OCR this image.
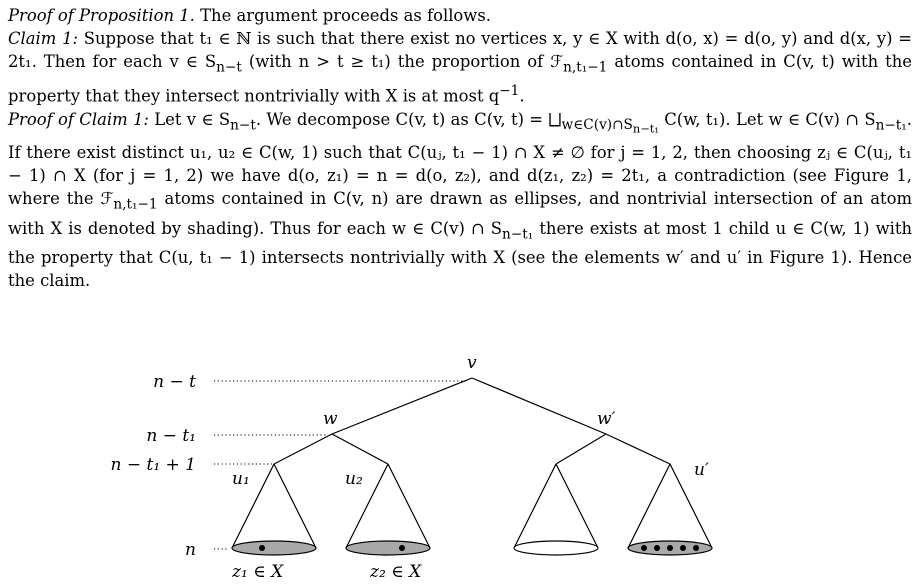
Proof of Proposition 1. The argument proceeds as follows.

Claim 1: Suppose that t₁ ∈ ℕ is such that there exist no vertices x, y ∈ X with d(o, x) = d(o, y) and d(x, y) = 2t₁. Then for each v ∈ $S_{n-t}$ (with n > t ≥ t₁) the proportion of ℱ$_{n,t_1-1}$ atoms contained in C(v, t) with the property that they intersect nontrivially with X is at most $q^{-1}$.

Proof of Claim 1: Let v ∈ $S_{n-t}$. We decompose C(v, t) as C(v, $t) = ⨆_{w\in C(v)\cap S_{n-t_1}}$ C(w, t₁). Let w ∈ C(v) ∩ $S_{n-t_1}$. If there exist distinct u₁, u₂ ∈ C(w, 1) such that C(uⱼ, t₁ − 1) ∩ X ≠ ∅ for j = 1, 2, then choosing zⱼ ∈ C(uⱼ, t₁ − 1) ∩ X (for j = 1, 2) we have d(o, z₁) = n = d(o, z₂), and d(z₁, z₂) = 2t₁, a contradiction (see Figure 1, where the ℱ$_{n,t_1-1}$ atoms contained in C(v, n) are drawn as ellipses, and nontrivial intersection of an atom with X is denoted by shading). Thus for each w ∈ C(v) ∩ $S_{n-t_1}$ there exists at most 1 child u ∈ C(w, 1) with the property that C(u, t₁ − 1) intersects nontrivially with X (see the elements w′ and u′ in Figure 1). Hence the claim.

n − t
n − t₁
n − t₁ + 1
n
v
w	w′
u₁	u₂	u′
z₁ ∈ X	z₂ ∈ X
